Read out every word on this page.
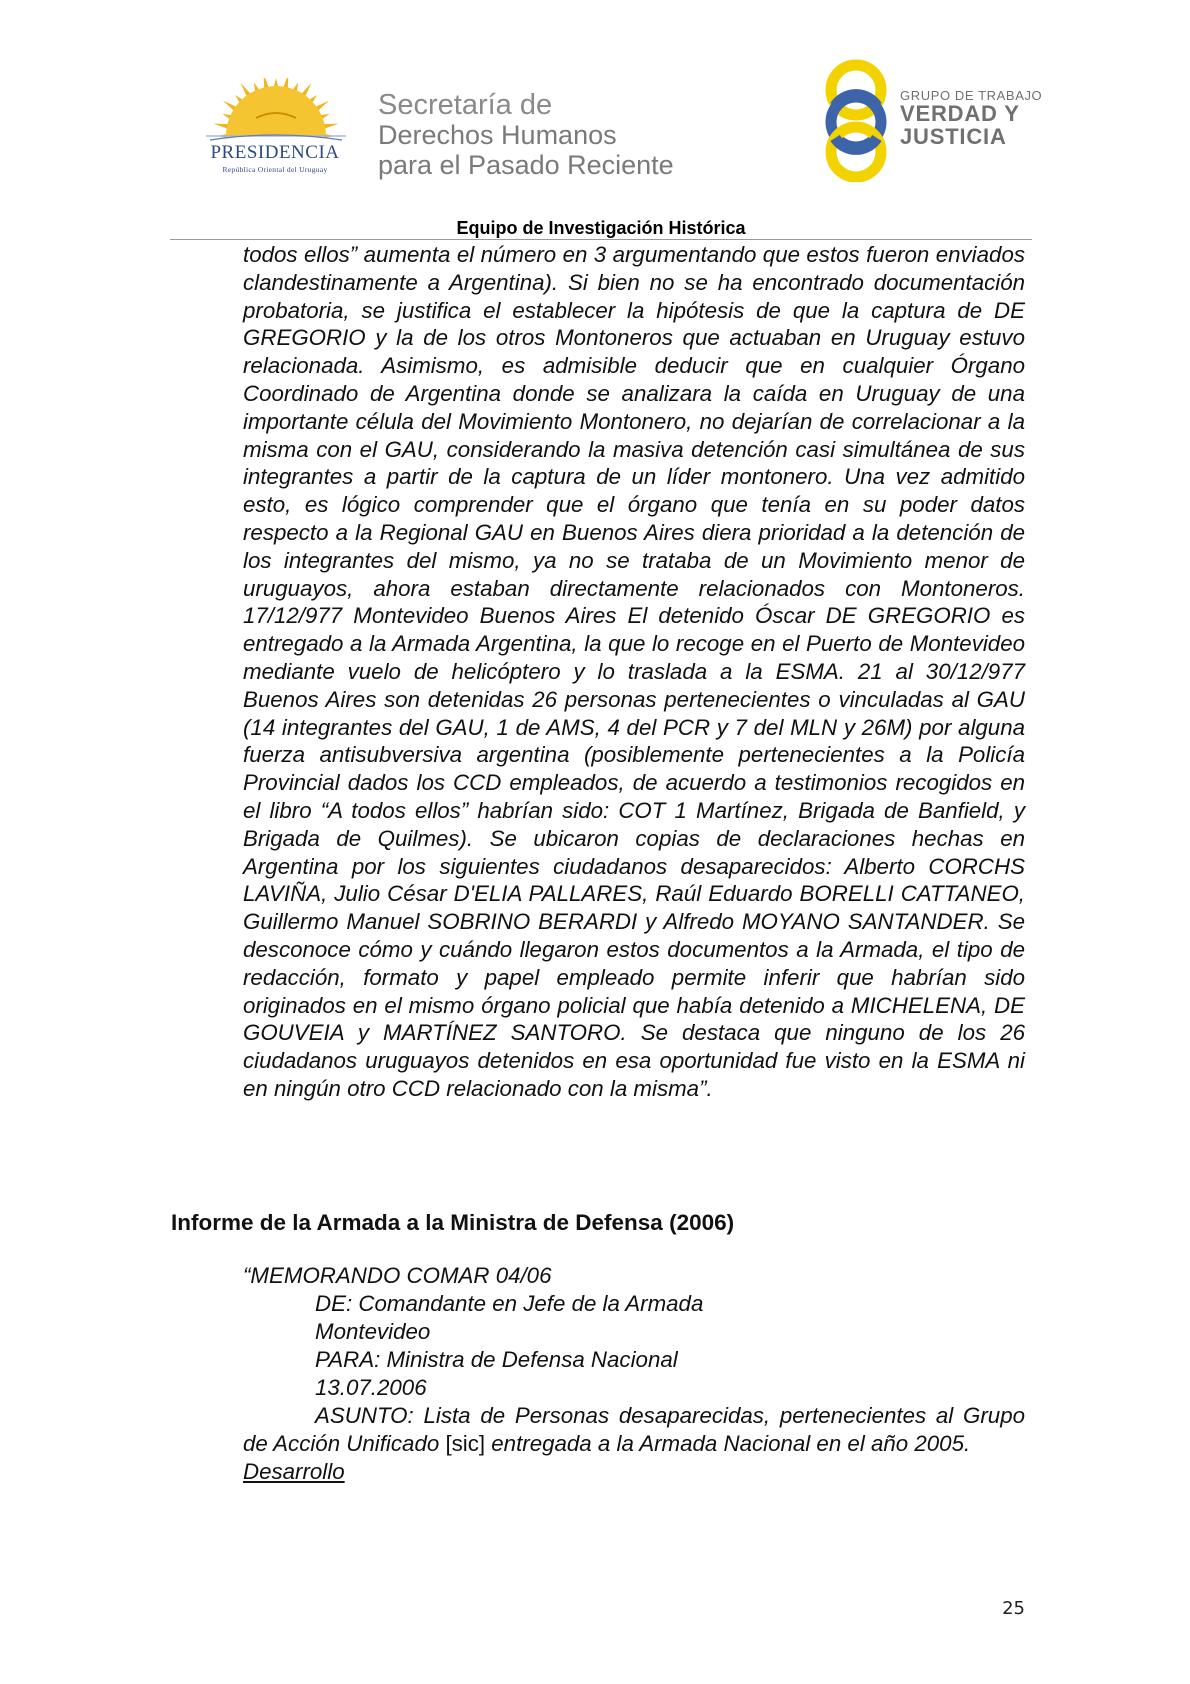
PRESIDENCIA
República Oriental del Uruguay
Secretaría de
Derechos Humanos
para el Pasado Reciente
GRUPO DE TRABAJO
VERDAD Y
JUSTICIA
Equipo de Investigación Histórica

todos ellos” aumenta el número en 3 argumentando que estos fueron enviados clandestinamente a Argentina). Si bien no se ha encontrado documentación probatoria, se justifica el establecer la hipótesis de que la captura de DE GREGORIO y la de los otros Montoneros que actuaban en Uruguay estuvo relacionada. Asimismo, es admisible deducir que en cualquier Órgano Coordinado de Argentina donde se analizara la caída en Uruguay de una importante célula del Movimiento Montonero, no dejarían de correlacionar a la misma con el GAU, considerando la masiva detención casi simultánea de sus integrantes a partir de la captura de un líder montonero. Una vez admitido esto, es lógico comprender que el órgano que tenía en su poder datos respecto a la Regional GAU en Buenos Aires diera prioridad a la detención de los integrantes del mismo, ya no se trataba de un Movimiento menor de uruguayos, ahora estaban directamente relacionados con Montoneros. 17/12/977 Montevideo Buenos Aires El detenido Óscar DE GREGORIO es entregado a la Armada Argentina, la que lo recoge en el Puerto de Montevideo mediante vuelo de helicóptero y lo traslada a la ESMA. 21 al 30/12/977 Buenos Aires son detenidas 26 personas pertenecientes o vinculadas al GAU (14 integrantes del GAU, 1 de AMS, 4 del PCR y 7 del MLN y 26M) por alguna fuerza antisubversiva argentina (posiblemente pertenecientes a la Policía Provincial dados los CCD empleados, de acuerdo a testimonios recogidos en el libro “A todos ellos” habrían sido: COT 1 Martínez, Brigada de Banfield, y Brigada de Quilmes). Se ubicaron copias de declaraciones hechas en Argentina por los siguientes ciudadanos desaparecidos: Alberto CORCHS LAVIÑA, Julio César D'ELIA PALLARES, Raúl Eduardo BORELLI CATTANEO, Guillermo Manuel SOBRINO BERARDI y Alfredo MOYANO SANTANDER. Se desconoce cómo y cuándo llegaron estos documentos a la Armada, el tipo de redacción, formato y papel empleado permite inferir que habrían sido originados en el mismo órgano policial que había detenido a MICHELENA, DE GOUVEIA y MARTÍNEZ SANTORO. Se destaca que ninguno de los 26 ciudadanos uruguayos detenidos en esa oportunidad fue visto en la ESMA ni en ningún otro CCD relacionado con la misma”.

Informe de la Armada a la Ministra de Defensa (2006)
“MEMORANDO COMAR 04/06
DE: Comandante en Jefe de la Armada
Montevideo
PARA: Ministra de Defensa Nacional
13.07.2006
ASUNTO: Lista de Personas desaparecidas, pertenecientes al Grupo de Acción Unificado [sic] entregada a la Armada Nacional en el año 2005.
Desarrollo
25
